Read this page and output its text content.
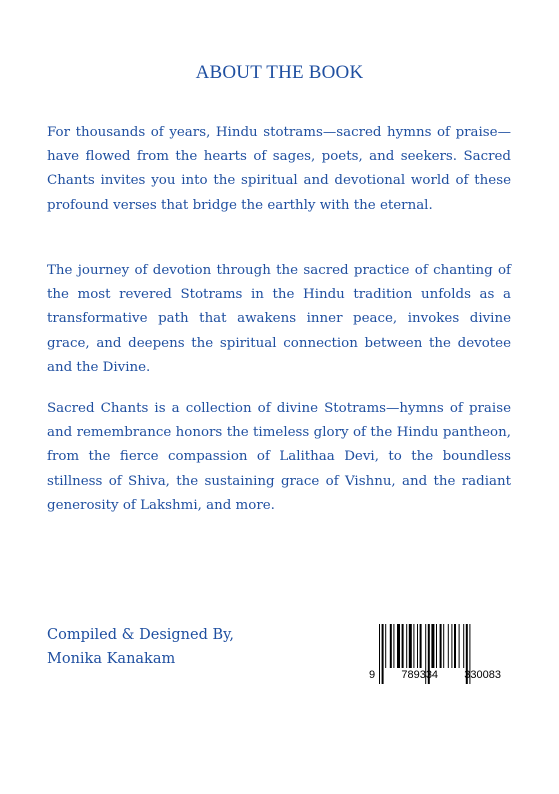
ABOUT THE BOOK

For thousands of years, Hindu stotrams—sacred hymns of praise—have flowed from the hearts of sages, poets, and seekers. Sacred Chants invites you into the spiritual and devotional world of these profound verses that bridge the earthly with the eternal.

The journey of devotion through the sacred practice of chanting of the most revered Stotrams in the Hindu tradition unfolds as a transformative path that awakens inner peace, invokes divine grace, and deepens the spiritual connection between the devotee and the Divine.

Sacred Chants is a collection of divine Stotrams—hymns of praise and remembrance honors the timeless glory of the Hindu pantheon, from the fierce compassion of Lalithaa Devi, to the boundless stillness of Shiva, the sustaining grace of Vishnu, and the radiant generosity of Lakshmi, and more.

Compiled & Designed By,
Monika Kanakam
9 789334 330083
